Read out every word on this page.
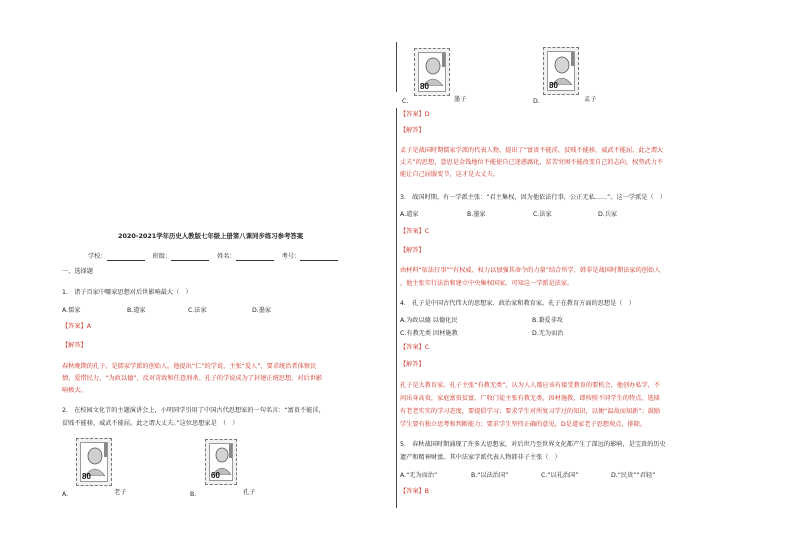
2020-2021学年历史人教版七年级上册第八课同步练习参考答案
学校：	班级：	姓名：	考号：
一、选择题
1.　诸子百家中哪家思想对后世影响最大（　）
A.儒家	B.道家	C.法家	D.墨家
【答案】A
【解答】
春秋晚期的孔子，是儒家学派的创始人。他提出“仁”的学说，主张“爱人”，要求统治者体察民
情，爱惜民力，“为政以德”，反对苛政和任意刑杀。孔子的学说成为了封建正统思想，对后世影
响极大。
2.　在校园文化节的主题演讲会上，小明同学引用了中国古代思想家的一句名言：“富贵不能淫，
贫贱不能移，威武不能屈。此之谓大丈夫。”这位思想家是　（　）
80
A.	老子
60
B.	孔子
80
C.	墨子
80
D.	孟子
【答案】D
【解答】
孟子是战国时期儒家学派的代表人物，提出了“富贵不能淫，贫贱不能移，威武不能屈。此之谓大
丈夫”的思想，意思是金钱地位不能使自己迷惑腐化，贫苦穷困不能改变自己的志向，权势武力不
能让自己屈服变节，这才是大丈夫。
3.　战国时期，有一学派主张：“君主集权，因为他依法行事，公正无私……”。这一学派是（　）
A.道家	B.墨家	C.法家	D.兵家
【答案】C
【解答】
由材料“依法行事”“有权威、权力以加强其命令的力量”结合所学，韩非是战国时期法家的创始人
，他主张实行法治和建立中央集权国家。可知这一学派是法家。
4.　孔子是中国古代伟大的思想家、政治家和教育家。孔子在教育方面的思想是（　）
A.为政以德 以德化民	B.兼爱非攻
C.有教无类 因材施教	D.无为而治
【答案】C
【解答】
孔子是大教育家。孔子主张“有教无类”，认为人人都应该有接受教育的要机会，他创办私学，不
问出身高贵，家庭富贵贫富，广收门徒主张有教无类，因材施教，即按照不同学生的特点，选择
有老老实实的学习态度，要提倡学习；要求学生对所复习学过的知识，以便“温故而知新”；鼓励
学生要有独立思考和判断能力；要求学生坚持正确的意见，D是道家老子思想观点，排除。
5.　春秋战国时期涌现了许多大思想家，对后世乃至世界文化都产生了深远的影响，是宝贵的历史
遗产和精神财富。其中法家学派代表人物韩非子主张（　）
A.“无为而治”	B.“以法治国”	C.“以礼治国”	D.“民贵”“君轻”
【答案】B
